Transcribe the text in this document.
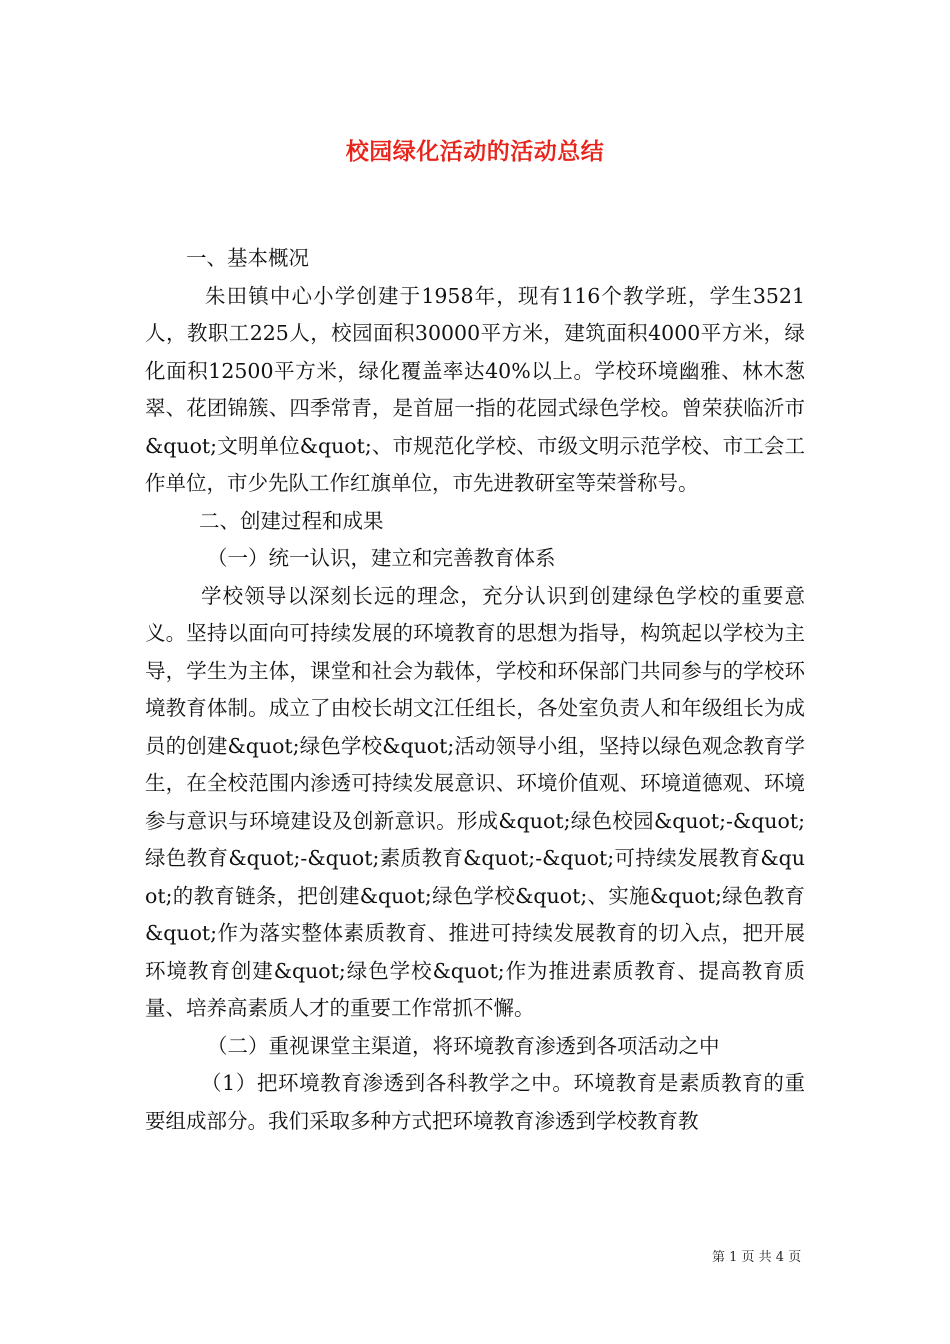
校园绿化活动的活动总结

一、基本概况

朱田镇中心小学创建于1958年，现有116个教学班，学生3521人，教职工225人，校园面积30000平方米，建筑面积4000平方米，绿化面积12500平方米，绿化覆盖率达40%以上。学校环境幽雅、林木葱翠、花团锦簇、四季常青，是首屈一指的花园式绿色学校。曾荣获临沂市&quot;文明单位&quot;、市规范化学校、市级文明示范学校、市工会工作单位，市少先队工作红旗单位，市先进教研室等荣誉称号。

二、创建过程和成果

（一）统一认识，建立和完善教育体系

学校领导以深刻长远的理念，充分认识到创建绿色学校的重要意义。坚持以面向可持续发展的环境教育的思想为指导，构筑起以学校为主导，学生为主体，课堂和社会为载体，学校和环保部门共同参与的学校环境教育体制。成立了由校长胡文江任组长，各处室负责人和年级组长为成员的创建&quot;绿色学校&quot;活动领导小组，坚持以绿色观念教育学生，在全校范围内渗透可持续发展意识、环境价值观、环境道德观、环境参与意识与环境建设及创新意识。形成&quot;绿色校园&quot;-&quot;绿色教育&quot;-&quot;素质教育&quot;-&quot;可持续发展教育&quot;的教育链条，把创建&quot;绿色学校&quot;、实施&quot;绿色教育&quot;作为落实整体素质教育、推进可持续发展教育的切入点，把开展环境教育创建&quot;绿色学校&quot;作为推进素质教育、提高教育质量、培养高素质人才的重要工作常抓不懈。

（二）重视课堂主渠道，将环境教育渗透到各项活动之中

（1）把环境教育渗透到各科教学之中。环境教育是素质教育的重要组成部分。我们采取多种方式把环境教育渗透到学校教育教

第 1 页 共 4 页
